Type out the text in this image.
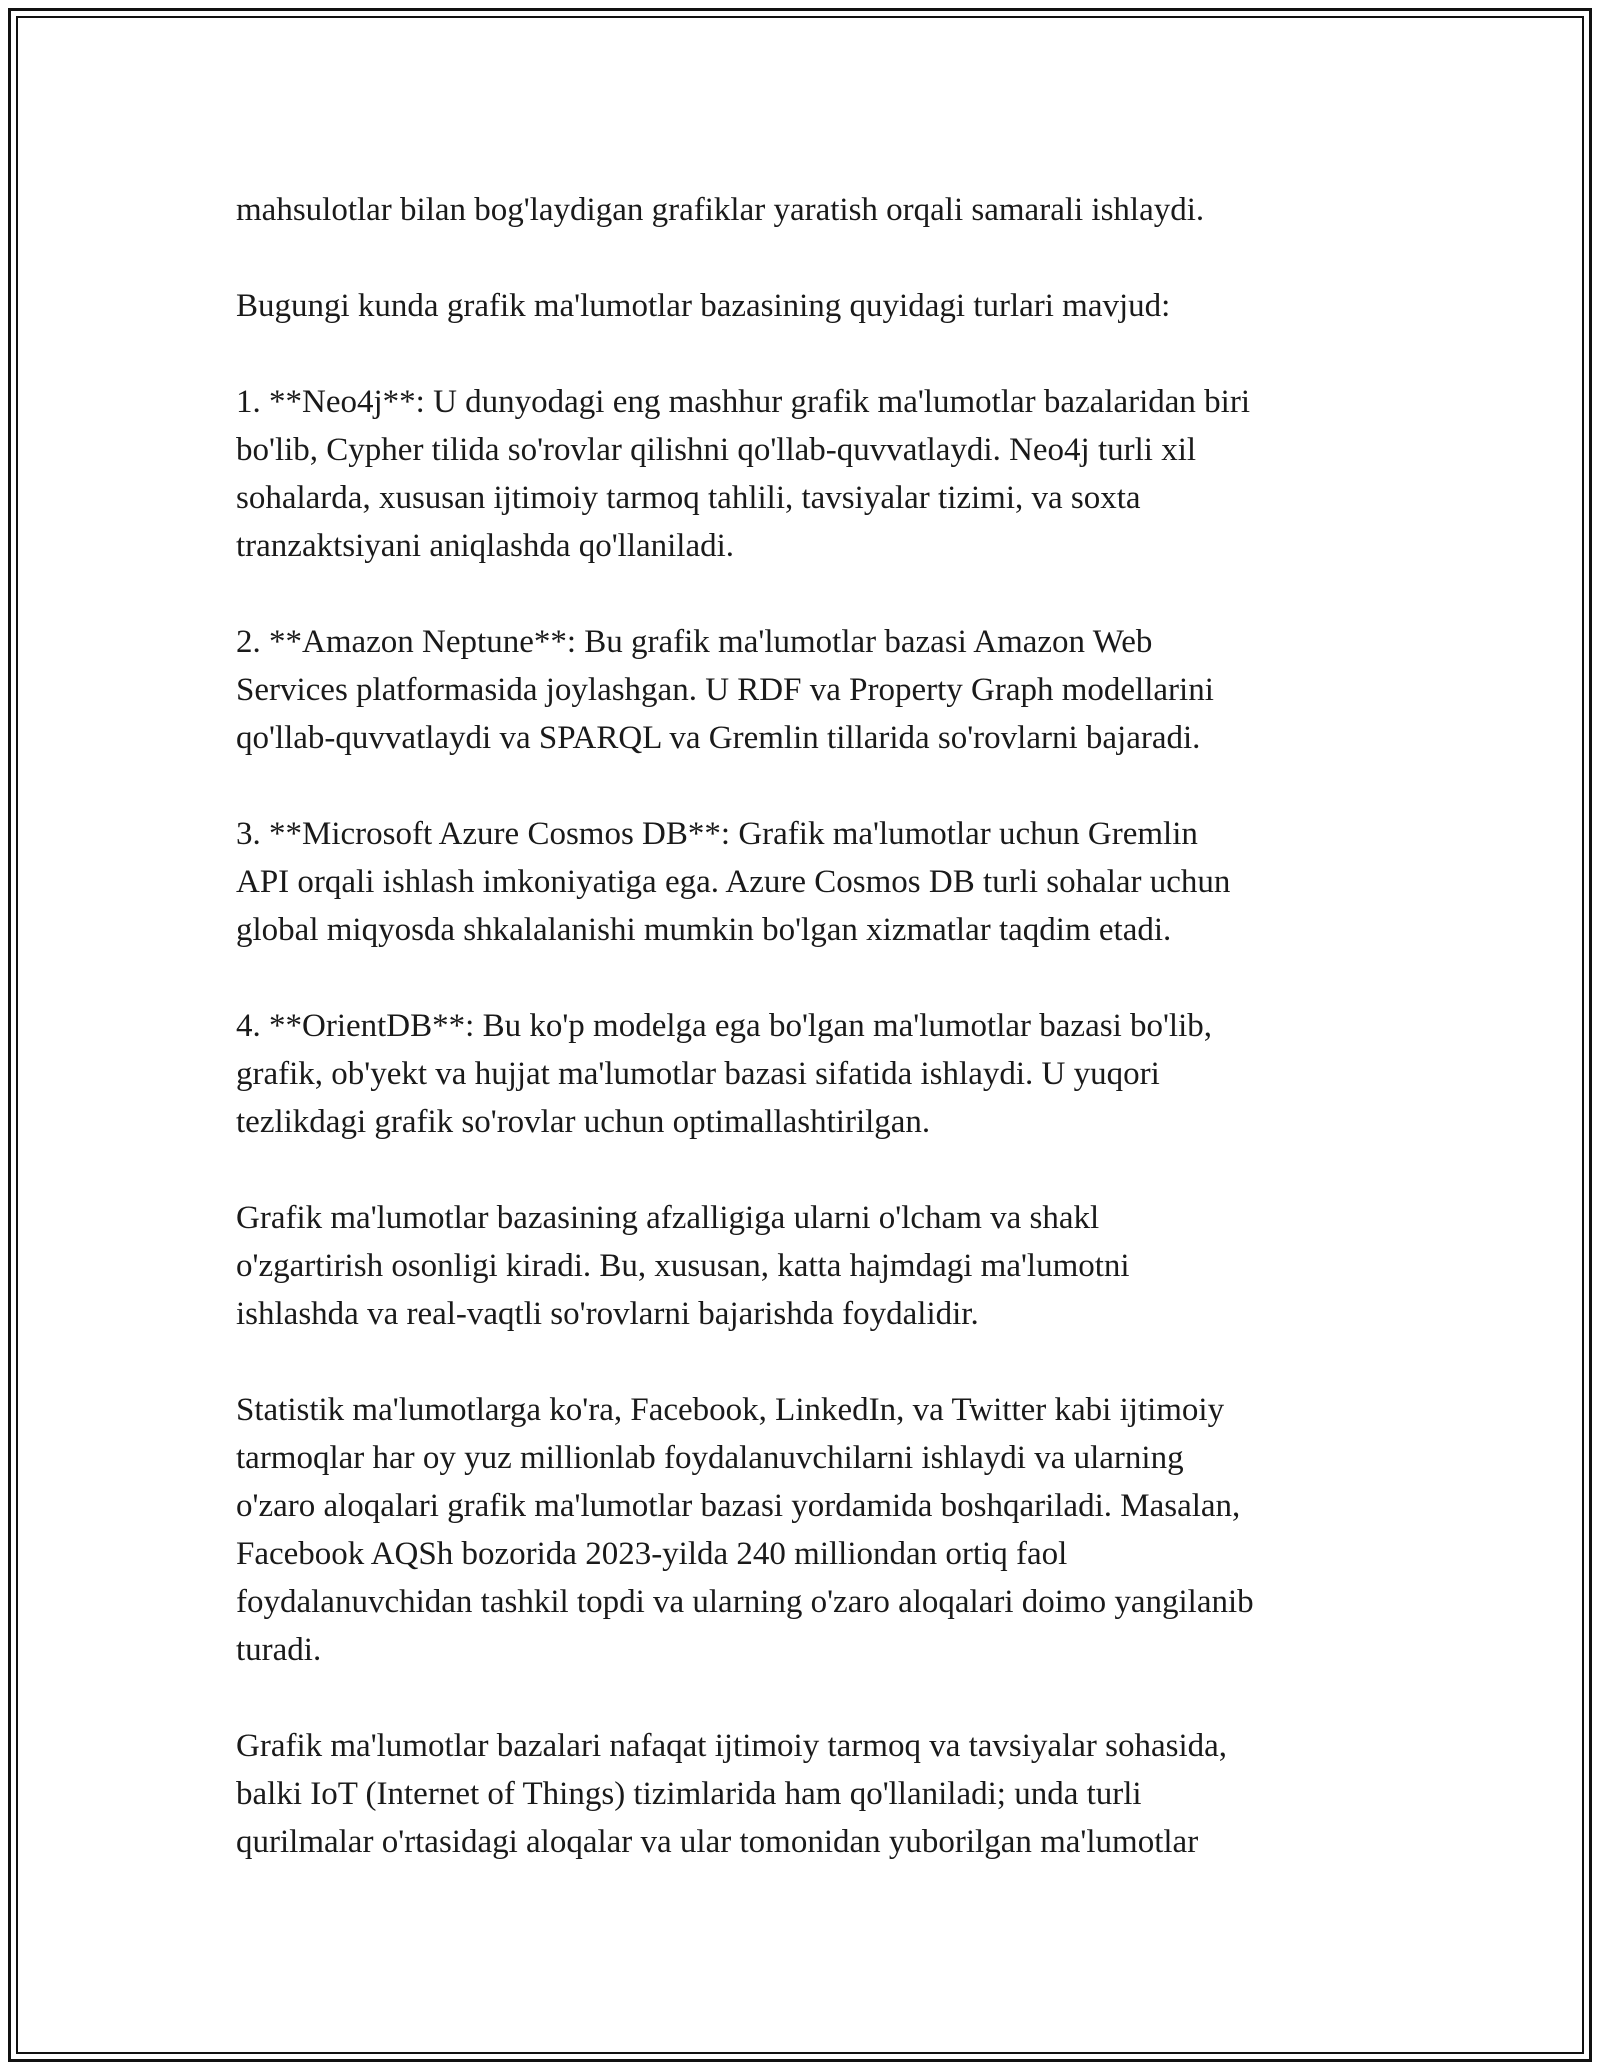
mahsulotlar bilan bog'laydigan grafiklar yaratish orqali samarali ishlaydi.

Bugungi kunda grafik ma'lumotlar bazasining quyidagi turlari mavjud:

1. **Neo4j**: U dunyodagi eng mashhur grafik ma'lumotlar bazalaridan biri
bo'lib, Cypher tilida so'rovlar qilishni qo'llab-quvvatlaydi. Neo4j turli xil
sohalarda, xususan ijtimoiy tarmoq tahlili, tavsiyalar tizimi, va soxta
tranzaktsiyani aniqlashda qo'llaniladi.

2. **Amazon Neptune**: Bu grafik ma'lumotlar bazasi Amazon Web
Services platformasida joylashgan. U RDF va Property Graph modellarini
qo'llab-quvvatlaydi va SPARQL va Gremlin tillarida so'rovlarni bajaradi.

3. **Microsoft Azure Cosmos DB**: Grafik ma'lumotlar uchun Gremlin
API orqali ishlash imkoniyatiga ega. Azure Cosmos DB turli sohalar uchun
global miqyosda shkalalanishi mumkin bo'lgan xizmatlar taqdim etadi.

4. **OrientDB**: Bu ko'p modelga ega bo'lgan ma'lumotlar bazasi bo'lib,
grafik, ob'yekt va hujjat ma'lumotlar bazasi sifatida ishlaydi. U yuqori
tezlikdagi grafik so'rovlar uchun optimallashtirilgan.

Grafik ma'lumotlar bazasining afzalligiga ularni o'lcham va shakl
o'zgartirish osonligi kiradi. Bu, xususan, katta hajmdagi ma'lumotni
ishlashda va real-vaqtli so'rovlarni bajarishda foydalidir.

Statistik ma'lumotlarga ko'ra, Facebook, LinkedIn, va Twitter kabi ijtimoiy
tarmoqlar har oy yuz millionlab foydalanuvchilarni ishlaydi va ularning
o'zaro aloqalari grafik ma'lumotlar bazasi yordamida boshqariladi. Masalan,
Facebook AQSh bozorida 2023-yilda 240 milliondan ortiq faol
foydalanuvchidan tashkil topdi va ularning o'zaro aloqalari doimo yangilanib
turadi.

Grafik ma'lumotlar bazalari nafaqat ijtimoiy tarmoq va tavsiyalar sohasida,
balki IoT (Internet of Things) tizimlarida ham qo'llaniladi; unda turli
qurilmalar o'rtasidagi aloqalar va ular tomonidan yuborilgan ma'lumotlar
